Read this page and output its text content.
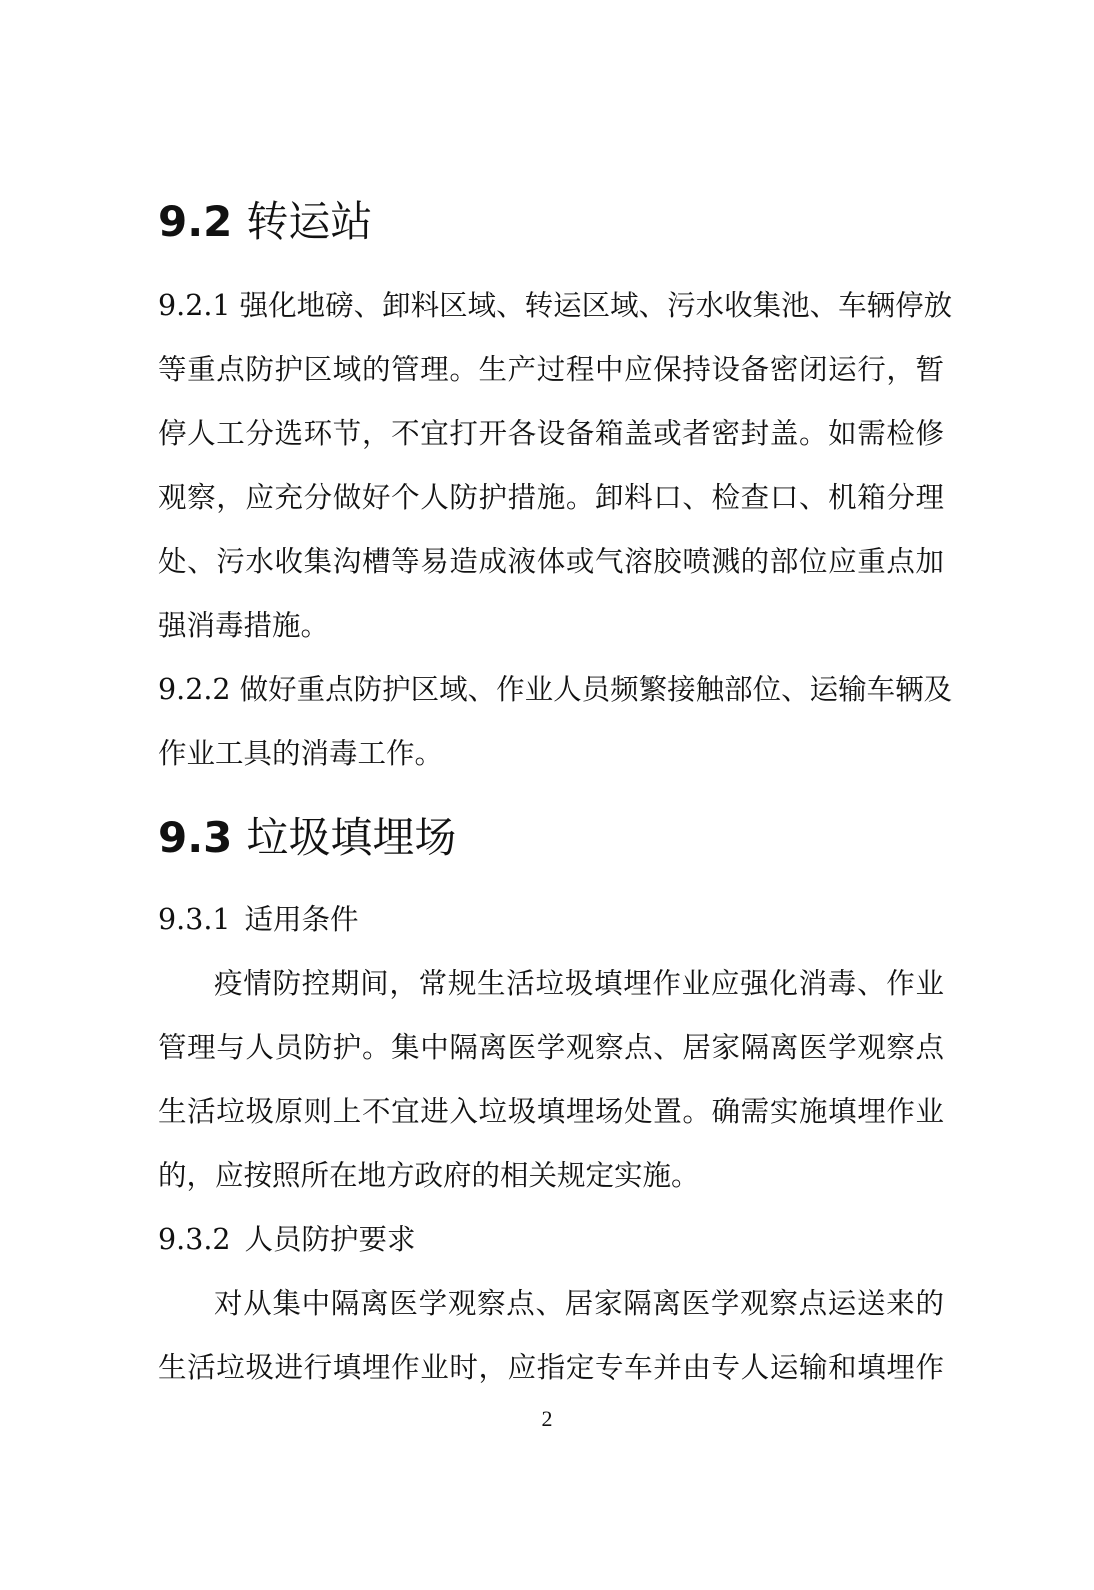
9.2 转运站
9.2.1 强化地磅、卸料区域、转运区域、污水收集池、车辆停放
等重点防护区域的管理。生产过程中应保持设备密闭运行，暂
停人工分选环节，不宜打开各设备箱盖或者密封盖。如需检修
观察，应充分做好个人防护措施。卸料口、检查口、机箱分理
处、污水收集沟槽等易造成液体或气溶胶喷溅的部位应重点加
强消毒措施。
9.2.2 做好重点防护区域、作业人员频繁接触部位、运输车辆及
作业工具的消毒工作。
9.3 垃圾填埋场
9.3.1 适用条件
疫情防控期间，常规生活垃圾填埋作业应强化消毒、作业
管理与人员防护。集中隔离医学观察点、居家隔离医学观察点
生活垃圾原则上不宜进入垃圾填埋场处置。确需实施填埋作业
的，应按照所在地方政府的相关规定实施。
9.3.2 人员防护要求
对从集中隔离医学观察点、居家隔离医学观察点运送来的
生活垃圾进行填埋作业时，应指定专车并由专人运输和填埋作
2
